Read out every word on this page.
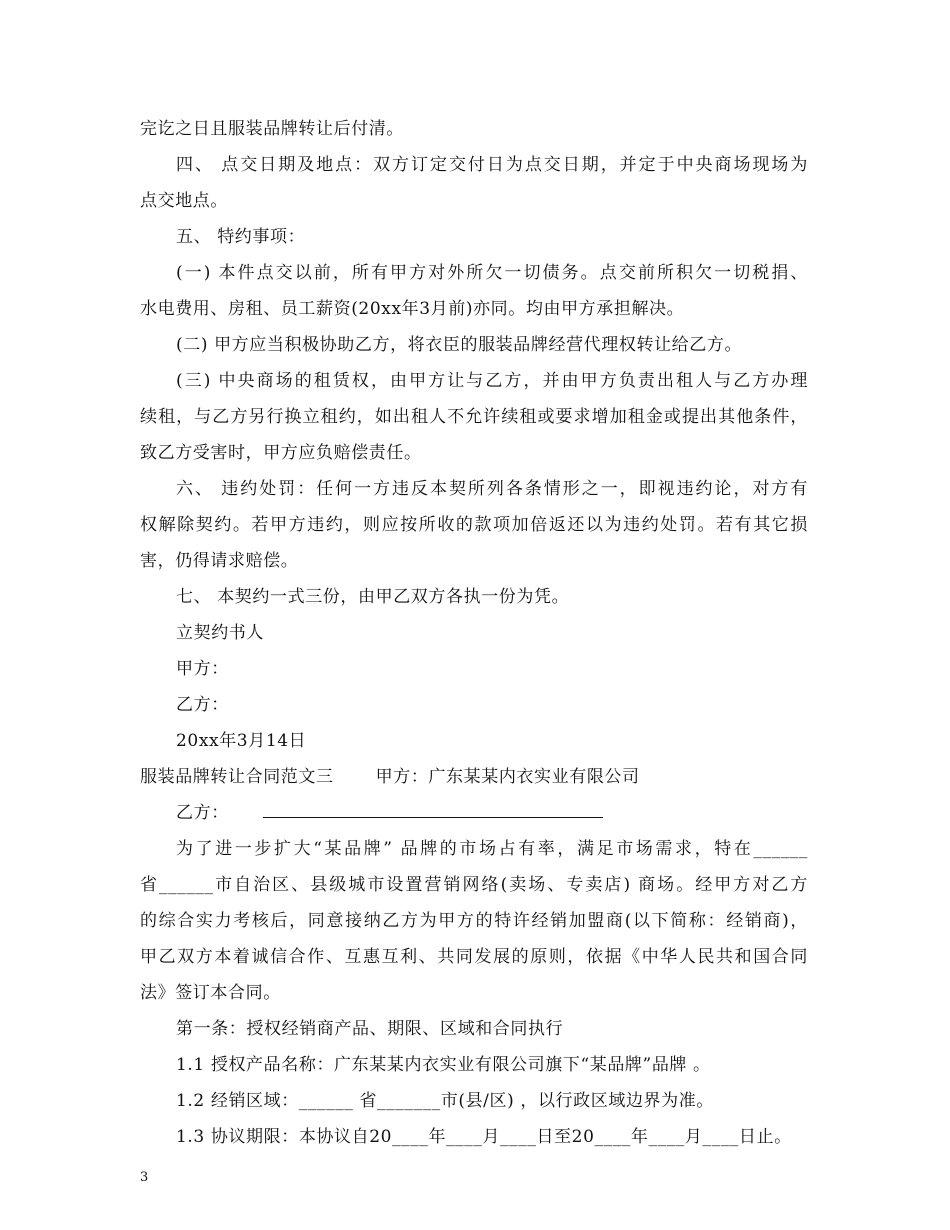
完讫之日且服装品牌转让后付清。
四、 点交日期及地点：双方订定交付日为点交日期，并定于中央商场现场为
点交地点。
五、 特约事项：
(一) 本件点交以前，所有甲方对外所欠一切债务。点交前所积欠一切税捐、
水电费用、房租、员工薪资(20xx年3月前)亦同。均由甲方承担解决。
(二) 甲方应当积极协助乙方，将衣臣的服装品牌经营代理权转让给乙方。
(三) 中央商场的租赁权，由甲方让与乙方，并由甲方负责出租人与乙方办理
续租，与乙方另行换立租约，如出租人不允许续租或要求增加租金或提出其他条件，
致乙方受害时，甲方应负赔偿责任。
六、 违约处罚：任何一方违反本契所列各条情形之一，即视违约论，对方有
权解除契约。若甲方违约，则应按所收的款项加倍返还以为违约处罚。若有其它损
害，仍得请求赔偿。
七、 本契约一式三份，由甲乙双方各执一份为凭。
立契约书人
甲方：
乙方：
20xx年3月14日
服装品牌转让合同范文三       甲方：广东某某内衣实业有限公司
乙方：
为了进一步扩大“某品牌” 品牌的市场占有率，满足市场需求，特在______
省______市自治区、县级城市设置营销网络(卖场、专卖店) 商场。经甲方对乙方
的综合实力考核后，同意接纳乙方为甲方的特许经销加盟商(以下简称：经销商)，
甲乙双方本着诚信合作、互惠互利、共同发展的原则，依据《中华人民共和国合同
法》签订本合同。
第一条：授权经销商产品、期限、区域和合同执行
1.1 授权产品名称：广东某某内衣实业有限公司旗下“某品牌”品牌 。
1.2 经销区域：______ 省_______市(县/区) ，以行政区域边界为准。
1.3 协议期限：本协议自20____年____月____日至20____年____月____日止。
3
